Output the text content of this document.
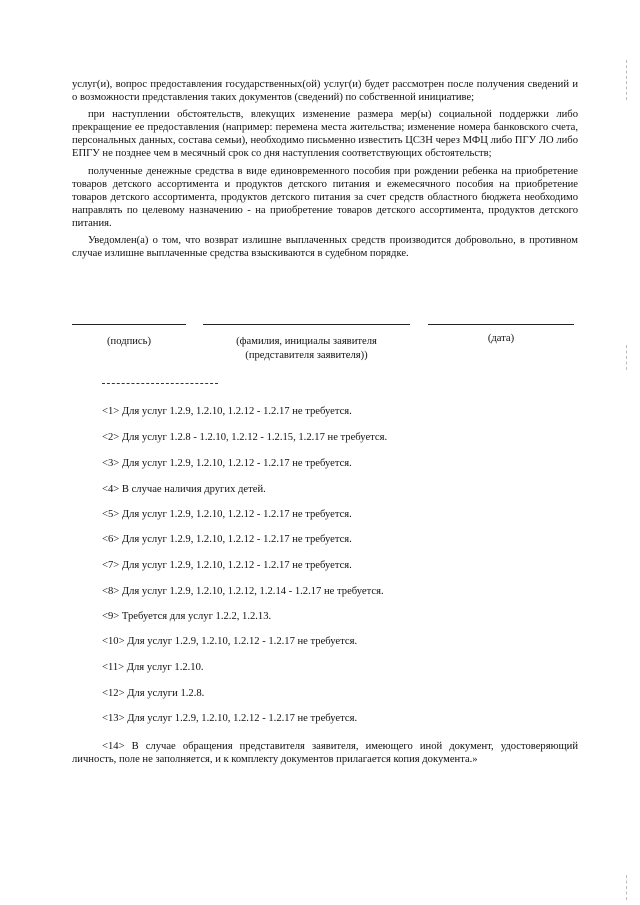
услуг(и), вопрос предоставления государственных(ой) услуг(и) будет рассмотрен после получения сведений и о возможности представления таких документов (сведений) по собственной инициативе;

при наступлении обстоятельств, влекущих изменение размера мер(ы) социальной поддержки либо прекращение ее предоставления (например: перемена места жительства; изменение номера банковского счета, персональных данных, состава семьи), необходимо письменно известить ЦСЗН через МФЦ либо ПГУ ЛО либо ЕПГУ не позднее чем в месячный срок со дня наступления соответствующих обстоятельств;

полученные денежные средства в виде единовременного пособия при рождении ребенка на приобретение товаров детского ассортимента и продуктов детского питания и ежемесячного пособия на приобретение товаров детского ассортимента, продуктов детского питания за счет средств областного бюджета необходимо направлять по целевому назначению - на приобретение товаров детского ассортимента, продуктов детского питания.

Уведомлен(а) о том, что возврат излишне выплаченных средств производится добровольно, в противном случае излишне выплаченные средства взыскиваются в судебном порядке.

(подпись)	(фамилия, инициалы заявителя
(представителя заявителя))
(дата)
<1> Для услуг 1.2.9, 1.2.10, 1.2.12 - 1.2.17 не требуется.
<2> Для услуг 1.2.8 - 1.2.10, 1.2.12 - 1.2.15, 1.2.17 не требуется.
<3> Для услуг 1.2.9, 1.2.10, 1.2.12 - 1.2.17 не требуется.
<4> В случае наличия других детей.
<5> Для услуг 1.2.9, 1.2.10, 1.2.12 - 1.2.17 не требуется.
<6> Для услуг 1.2.9, 1.2.10, 1.2.12 - 1.2.17 не требуется.
<7> Для услуг 1.2.9, 1.2.10, 1.2.12 - 1.2.17 не требуется.
<8> Для услуг 1.2.9, 1.2.10, 1.2.12, 1.2.14 - 1.2.17 не требуется.
<9> Требуется для услуг 1.2.2, 1.2.13.
<10> Для услуг 1.2.9, 1.2.10, 1.2.12 - 1.2.17 не требуется.
<11> Для услуг 1.2.10.
<12> Для услуги 1.2.8.
<13> Для услуг 1.2.9, 1.2.10, 1.2.12 - 1.2.17 не требуется.
<14> В случае обращения представителя заявителя, имеющего иной документ, удостоверяющий личность, поле не заполняется, и к комплекту документов прилагается копия документа.»
